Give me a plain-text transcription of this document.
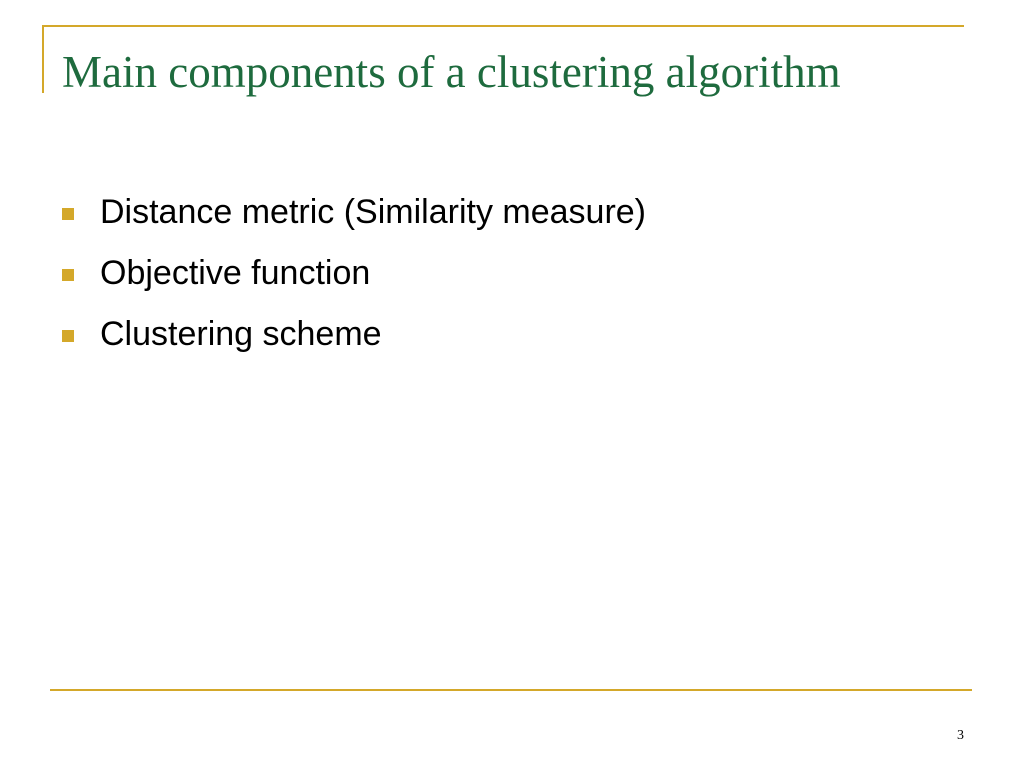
Main components of a clustering algorithm
Distance metric (Similarity measure)
Objective function
Clustering scheme
3
